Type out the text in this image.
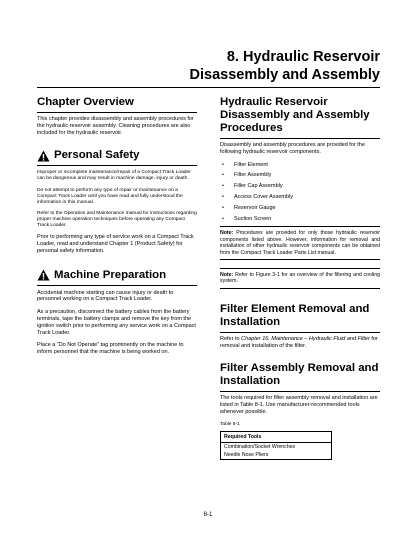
8. Hydraulic Reservoir
Disassembly and Assembly
Chapter Overview

This chapter provides disassembly and assembly procedures for the hydraulic reservoir assembly. Cleaning procedures are also included for the hydraulic reservoir.

Personal Safety

Improper or incomplete maintenance/repair of a Compact Track Loader can be dangerous and may result in machine damage, injury or death.

Do not attempt to perform any type of repair or maintenance on a Compact Track Loader until you have read and fully understood the information in this manual.

Refer to the Operation and Maintenance manual for instructions regarding proper machine operation techniques before operating any Compact Track Loader.

Prior to performing any type of service work on a Compact Track Loader, read and understand Chapter 1 (Product Safety) for personal safety information.

Machine Preparation

Accidental machine starting can cause injury or death to personnel working on a Compact Track Loader.

As a precaution, disconnect the battery cables from the battery terminals, tape the battery clamps and remove the key from the ignition switch prior to performing any service work on a Compact Track Loader.

Place a “Do Not Operate” tag prominently on the machine to inform personnel that the machine is being worked on.

Hydraulic Reservoir Disassembly and Assembly Procedures

Disassembly and assembly procedures are provided for the following hydraulic reservoir components.

• Filter Element
• Filter Assembly
• Filler Cap Assembly
• Access Cover Assembly
• Reservoir Gauge
• Suction Screen
Note: Procedures are provided for only those hydraulic reservoir components listed above. However, information for removal and installation of other hydraulic reservoir components can be obtained from the Compact Track Loader Parts List manual.
Note: Refer to Figure 3-1 for an overview of the filtering and cooling system.
Filter Element Removal and Installation

Refer to Chapter 16, Maintenance – Hydraulic Fluid and Filter for removal and installation of the filter.

Filter Assembly Removal and Installation

The tools required for filter assembly removal and installation are listed in Table 8-1. Use manufacturer-recommended tools whenever possible.

Table 8-1
Required Tools
Combination/Socket Wrenches
Needle Nose Pliers
8-1
